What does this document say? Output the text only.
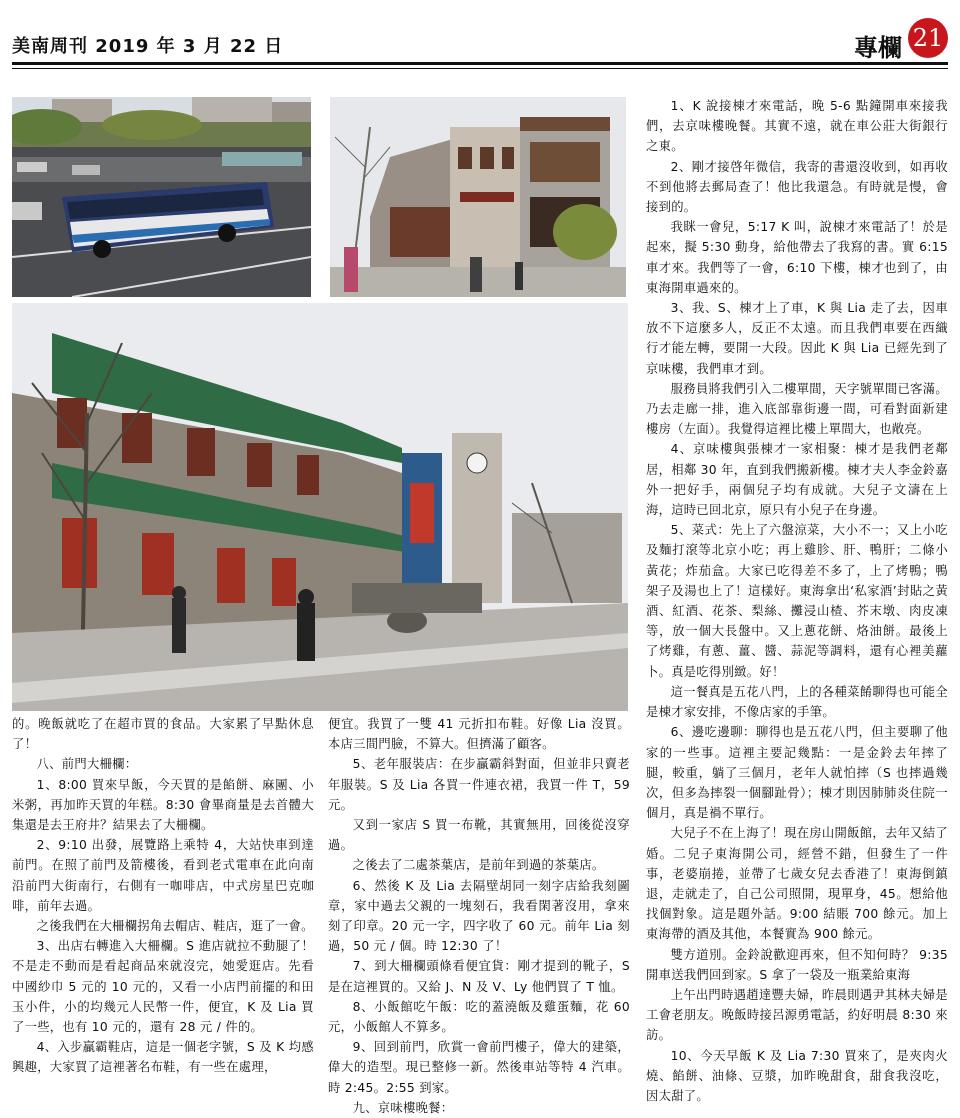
美南周刊 2019 年 3 月 22 日	專欄 21

的。晚飯就吃了在超市買的食品。大家累了早點休息了！

八、前門大柵欄：

1、8:00 買來早飯，今天買的是餡餅、麻團、小米粥，再加昨天買的年糕。8:30 會畢商量是去首體大集還是去王府井？結果去了大柵欄。

2、9:10 出發，展覽路上乘特 4，大站快車到達前門。在照了前門及箭樓後，看到老式電車在此向南沿前門大街南行，右側有一咖啡店，中式房星巴克咖啡，前年去過。

之後我們在大柵欄拐角去帽店、鞋店，逛了一會。

3、出店右轉進入大柵欄。S 進店就拉不動腿了！不是走不動而是看起商品來就沒完，她愛逛店。先看中國紗巾 5 元的 10 元的，又看一小店門前擺的和田玉小件，小的均幾元人民幣一件，便宜，K 及 Lia 買了一些，也有 10 元的，還有 28 元 / 件的。

4、入步贏霸鞋店，這是一個老字號，S 及 K 均感興趣，大家買了這裡著名布鞋，有一些在處理，

便宜。我買了一雙 41 元折扣布鞋。好像 Lia 沒買。本店三間門臉，不算大。但擠滿了顧客。

5、老年服裝店：在步贏霸斜對面，但並非只賣老年服裝。S 及 Lia 各買一件連衣裙，我買一件 T，59 元。

又到一家店 S 買一布靴，其實無用，回後從沒穿過。

之後去了二處茶葉店，是前年到過的茶葉店。

6、然後 K 及 Lia 去隔壁胡同一刻字店給我刻圖章，家中過去父親的一塊刻石，我看閑著沒用，拿來刻了印章。20 元一字，四字收了 60 元。前年 Lia 刻過，50 元 / 個。時 12:30 了！

7、到大柵欄頭條看便宜貨：剛才提到的靴子，S 是在這裡買的。又給 J、N 及 V、Ly 他們買了 T 恤。

8、小飯館吃午飯：吃的蓋澆飯及雞蛋麵，花 60 元，小飯館人不算多。

9、回到前門，欣賞一會前門樓子，偉大的建築，偉大的造型。現已整修一新。然後車站等特 4 汽車。時 2:45。2:55 到家。

九、京味樓晚餐：

1、K 說接棟才來電話，晚 5-6 點鐘開車來接我們，去京味樓晚餐。其實不遠，就在車公莊大街銀行之東。

2、剛才接啓年微信，我寄的書還沒收到，如再收不到他將去郵局查了！他比我還急。有時就是慢，會接到的。

我眯一會兒，5:17 K 叫，說棟才來電話了！於是起來，擬 5:30 動身，給他帶去了我寫的書。實 6:15 車才來。我們等了一會，6:10 下樓，棟才也到了，由東海開車過來的。

3、我、S、棟才上了車，K 與 Lia 走了去，因車放不下這麼多人，反正不太遠。而且我們車要在西織行才能左轉，要開一大段。因此 K 與 Lia 已經先到了京味樓，我們車才到。

服務員將我們引入二樓單間，天字號單間已客滿。乃去走廊一排，進入底部靠街邊一間，可看對面新建樓房（左面）。我覺得這裡比樓上單間大，也敞亮。

4、京味樓與張棟才一家相聚：棟才是我們老鄰居，相鄰 30 年，直到我們搬新樓。棟才夫人李金鈴嘉外一把好手，兩個兒子均有成就。大兒子文濤在上海，這時已回北京，原只有小兒子在身邊。

5、菜式：先上了六盤涼菜，大小不一；又上小吃及麵打滾等北京小吃；再上雞胗、肝、鴨肝；二條小黃花；炸茄盒。大家已吃得差不多了，上了烤鴨；鴨架子及湯也上了！這樣好。東海拿出‘私家酒’封貼之黃酒、紅酒、花茶、梨絲、攤浸山楂、芥末墩、肉皮凍等，放一個大長盤中。又上蔥花餅、烙油餅。最後上了烤雞，有蔥、薑、醬、蒜泥等調料，還有心裡美蘿卜。真是吃得別緻。好！

這一餐真是五花八門，上的各種菜餚聊得也可能全是棟才家安排，不像店家的手筆。

6、邊吃邊聊：聊得也是五花八門，但主要聊了他家的一些事。這裡主要記幾點：一是金鈴去年摔了腿，較重，躺了三個月，老年人就怕摔（S 也摔過幾次，但多為摔裂一個腳趾骨）；棟才則因肺肺炎住院一個月，真是禍不單行。

大兒子不在上海了！現在房山開飯館，去年又結了婚。二兒子東海開公司，經營不錯，但發生了一件事，老婆崩捲，並帶了七歲女兒去香港了！東海倒鎮退，走就走了，自己公司照開，現單身，45。想給他找個對象。這是題外話。9:00 結賬 700 餘元。加上東海帶的酒及其他，本餐實為 900 餘元。

雙方道別。金鈴說歡迎再來，但不知何時？ 9:35 開車送我們回到家。S 拿了一袋及一瓶業給東海

上午出門時遇趙達豐夫婦，昨晨則遇尹其林夫婦是工會老朋友。晚飯時接呂源勇電話，約好明晨 8:30 來訪。

10、今天早飯 K 及 Lia 7:30 買來了，是夾肉火燒、餡餅、油條、豆漿，加昨晚甜食，甜食我沒吃，因太甜了。
